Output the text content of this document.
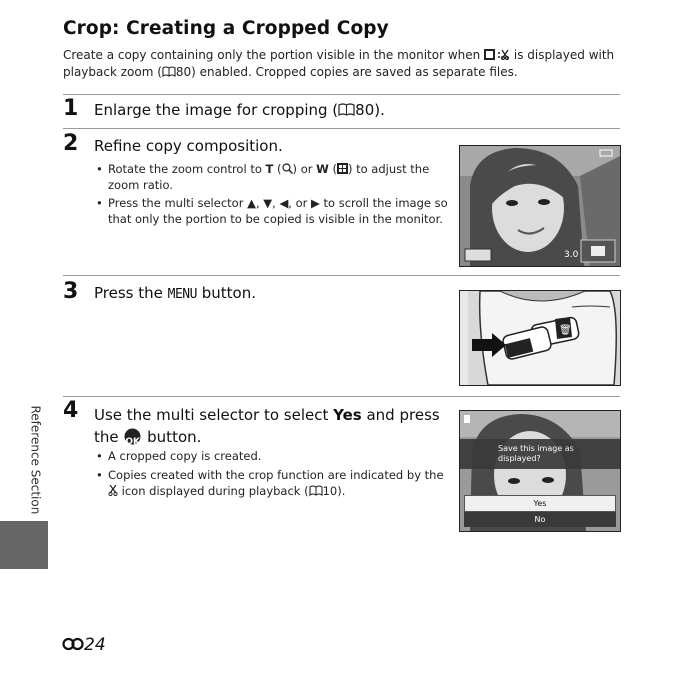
Crop: Creating a Cropped Copy
Create a copy containing only the portion visible in the monitor when  is displayed with
playback zoom ( 80) enabled. Cropped copies are saved as separate files.
1 Enlarge the image for cropping ( 80).
2 Refine copy composition.
• Rotate the zoom control to T ( ) or W ( ) to adjust the zoom ratio.
• Press the multi selector ▲, ▼, ◀, or ▶ to scroll the image so that only the portion to be copied is visible in the monitor.
3.0
3 Press the MENU button.
🗑
4 Use the multi selector to select Yes and press
the OK button.
• A cropped copy is created.
• Copies created with the crop function are indicated by the
icon displayed during playback ( 10).
Save this image as displayed?
Yes
No
Reference Section
24
